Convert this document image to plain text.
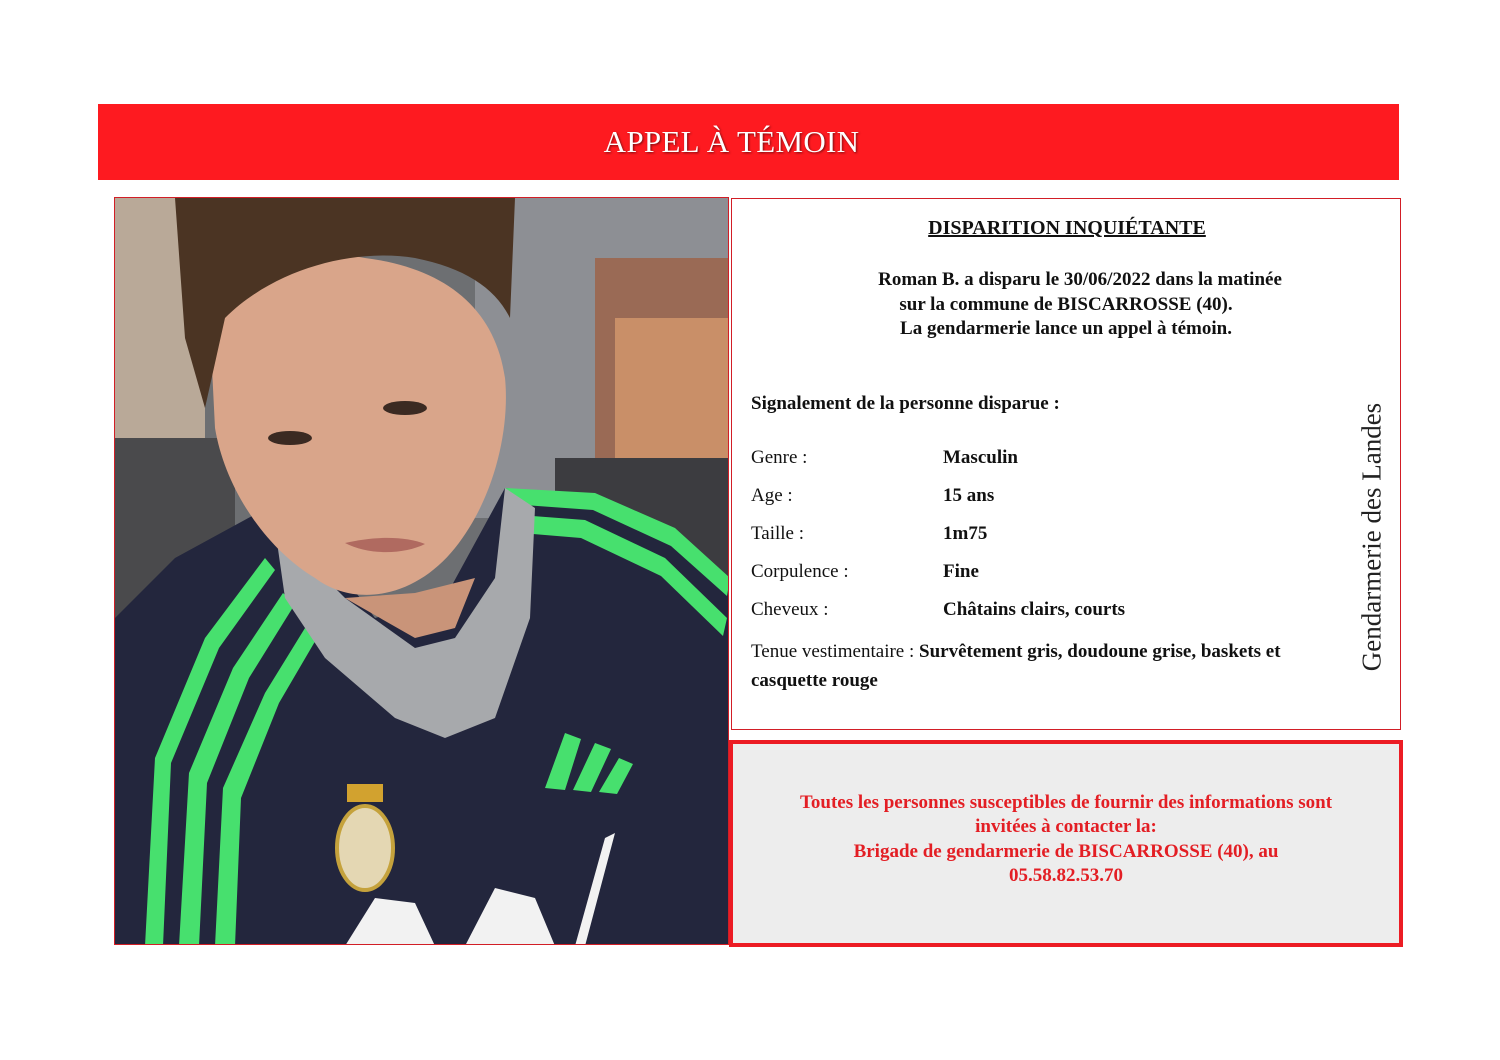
APPEL À TÉMOIN
DISPARITION INQUIÉTANTE
Roman B. a disparu le 30/06/2022 dans la matinée
sur la commune de BISCARROSSE (40).
La gendarmerie lance un appel à témoin.
Signalement de la personne disparue :
Genre :	Masculin
Age :	15 ans
Taille :	1m75
Corpulence :	Fine
Cheveux :	Châtains clairs, courts
Tenue vestimentaire : Survêtement gris, doudoune grise, baskets et casquette rouge
Gendarmerie des Landes
Toutes les personnes susceptibles de fournir des informations sont
invitées à contacter la:
Brigade de gendarmerie de BISCARROSSE (40), au
05.58.82.53.70
